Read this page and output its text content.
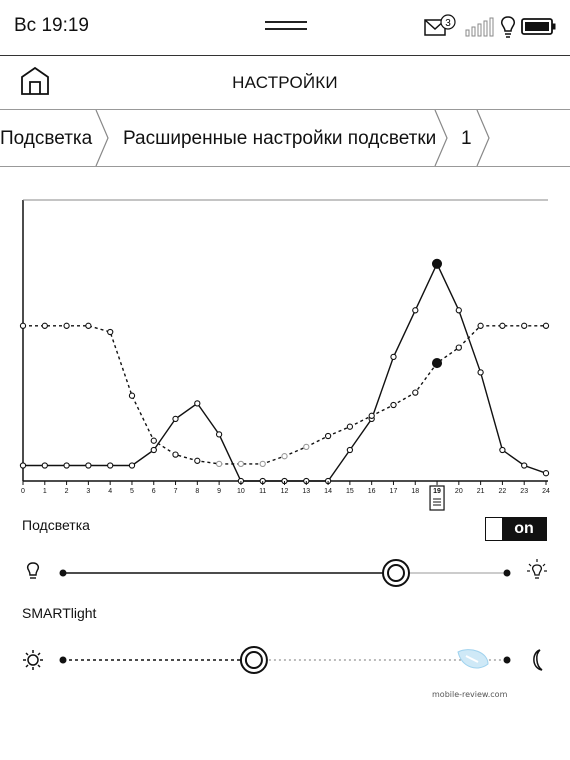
Вс 19:19	3
НАСТРОЙКИ
Подсветка Расширенные настройки подсветки 1
0	1	2	3	4	5	6	7	8	9 10 11 12 13 14 15 16 17 18 19 20 21 22 23 24
Подсветка	on
SMARTlight
mobile-review.com
